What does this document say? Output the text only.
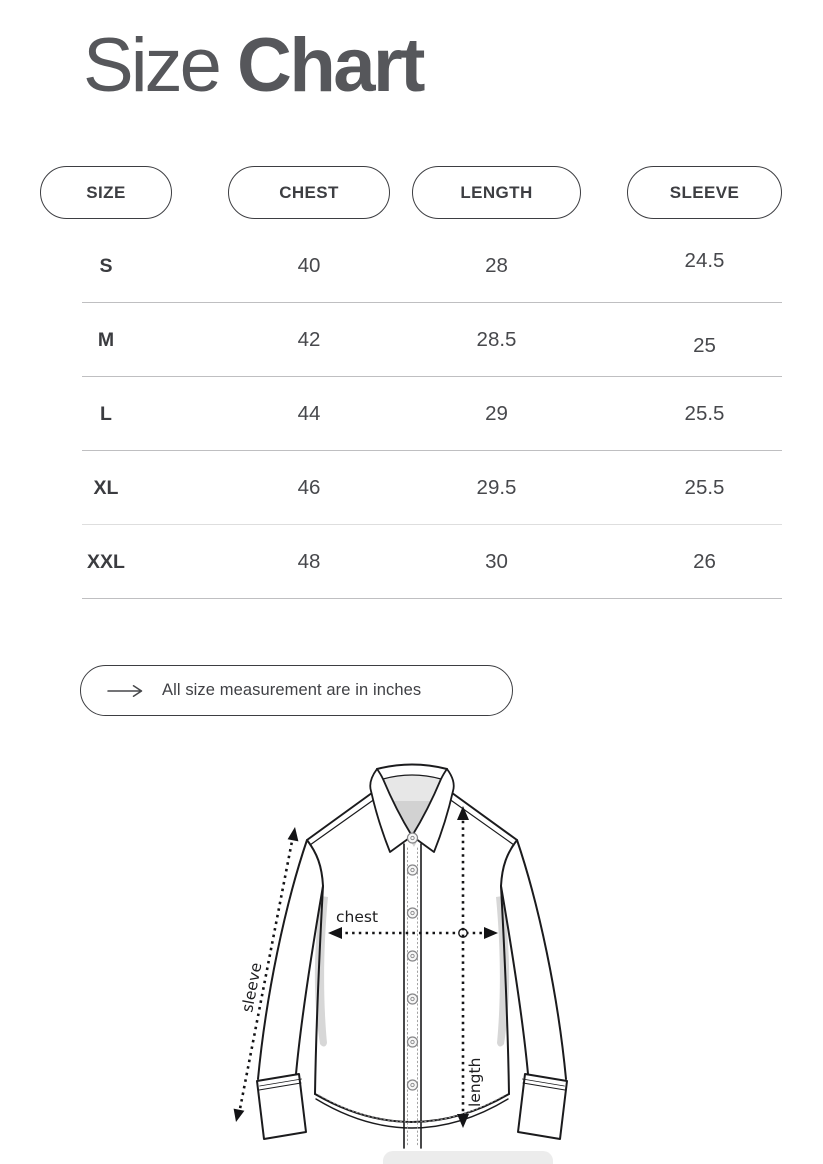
Size Chart
SIZE	CHEST	LENGTH	SLEEVE
S	40	28	24.5
M	42	28.5	25
L	44	29	25.5
XL	46	29.5	25.5
XXL	48	30	26
All size measurement are in inches
chest
length
sleeve
